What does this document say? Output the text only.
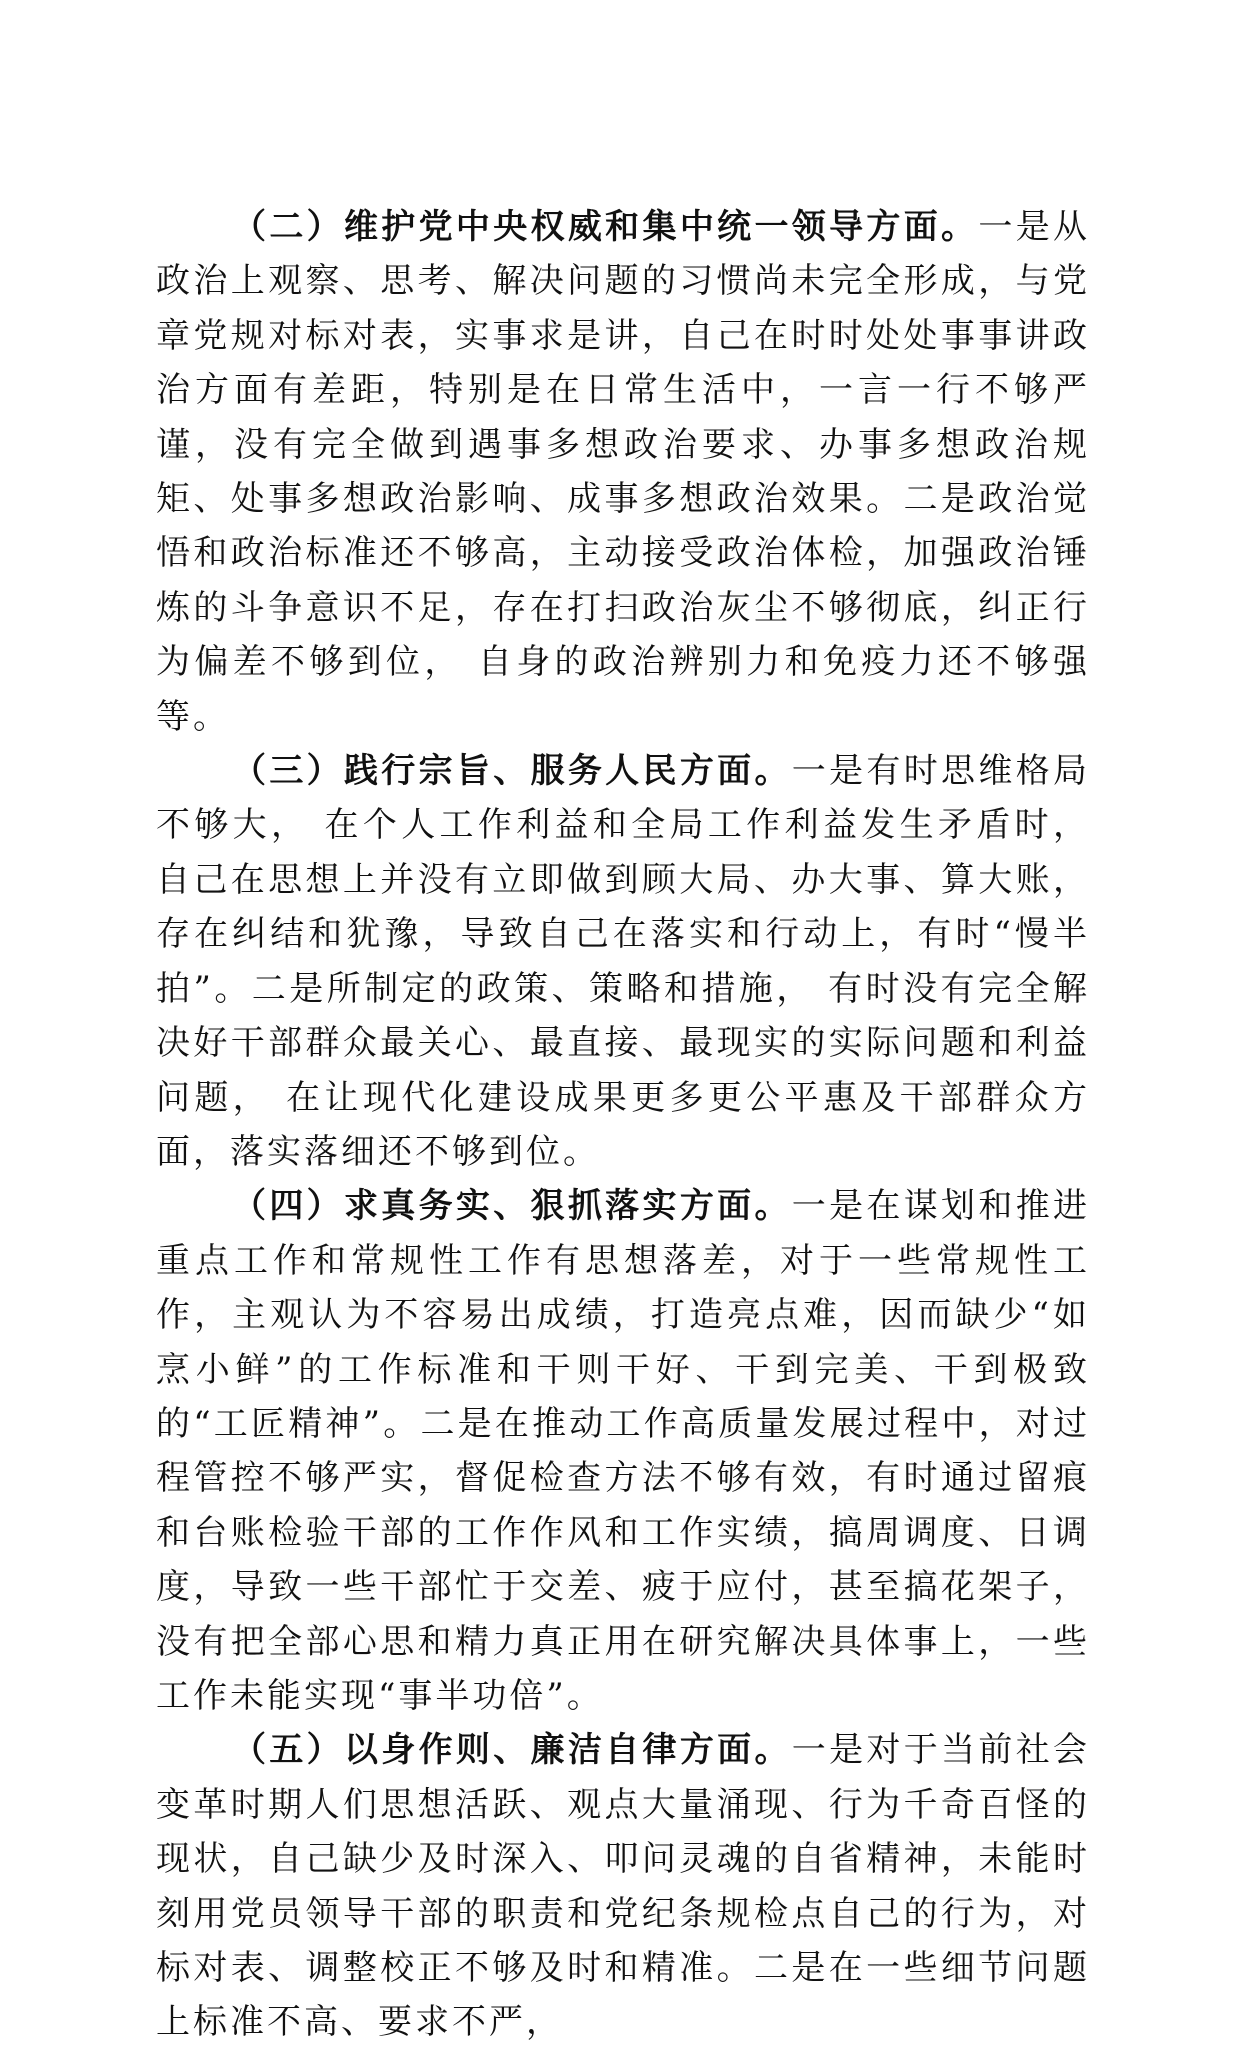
（二）维护党中央权威和集中统一领导方面。一是从政治上观察、思考、解决问题的习惯尚未完全形成，与党章党规对标对表，实事求是讲，自己在时时处处事事讲政治方面有差距，特别是在日常生活中，一言一行不够严谨，没有完全做到遇事多想政治要求、办事多想政治规矩、处事多想政治影响、成事多想政治效果。二是政治觉悟和政治标准还不够高，主动接受政治体检，加强政治锤炼的斗争意识不足，存在打扫政治灰尘不够彻底，纠正行为偏差不够到位， 自身的政治辨别力和免疫力还不够强等。

（三）践行宗旨、服务人民方面。一是有时思维格局不够大， 在个人工作利益和全局工作利益发生矛盾时，自己在思想上并没有立即做到顾大局、办大事、算大账，存在纠结和犹豫，导致自己在落实和行动上，有时“慢半拍”。二是所制定的政策、策略和措施， 有时没有完全解决好干部群众最关心、最直接、最现实的实际问题和利益问题， 在让现代化建设成果更多更公平惠及干部群众方面，落实落细还不够到位。

（四）求真务实、狠抓落实方面。一是在谋划和推进重点工作和常规性工作有思想落差，对于一些常规性工作，主观认为不容易出成绩，打造亮点难，因而缺少“如烹小鲜”的工作标准和干则干好、干到完美、干到极致的“工匠精神”。二是在推动工作高质量发展过程中，对过程管控不够严实，督促检查方法不够有效，有时通过留痕和台账检验干部的工作作风和工作实绩，搞周调度、日调度，导致一些干部忙于交差、疲于应付，甚至搞花架子，没有把全部心思和精力真正用在研究解决具体事上，一些工作未能实现“事半功倍”。

（五）以身作则、廉洁自律方面。一是对于当前社会变革时期人们思想活跃、观点大量涌现、行为千奇百怪的现状，自己缺少及时深入、叩问灵魂的自省精神，未能时刻用党员领导干部的职责和党纪条规检点自己的行为，对标对表、调整校正不够及时和精准。二是在一些细节问题上标准不高、要求不严，
